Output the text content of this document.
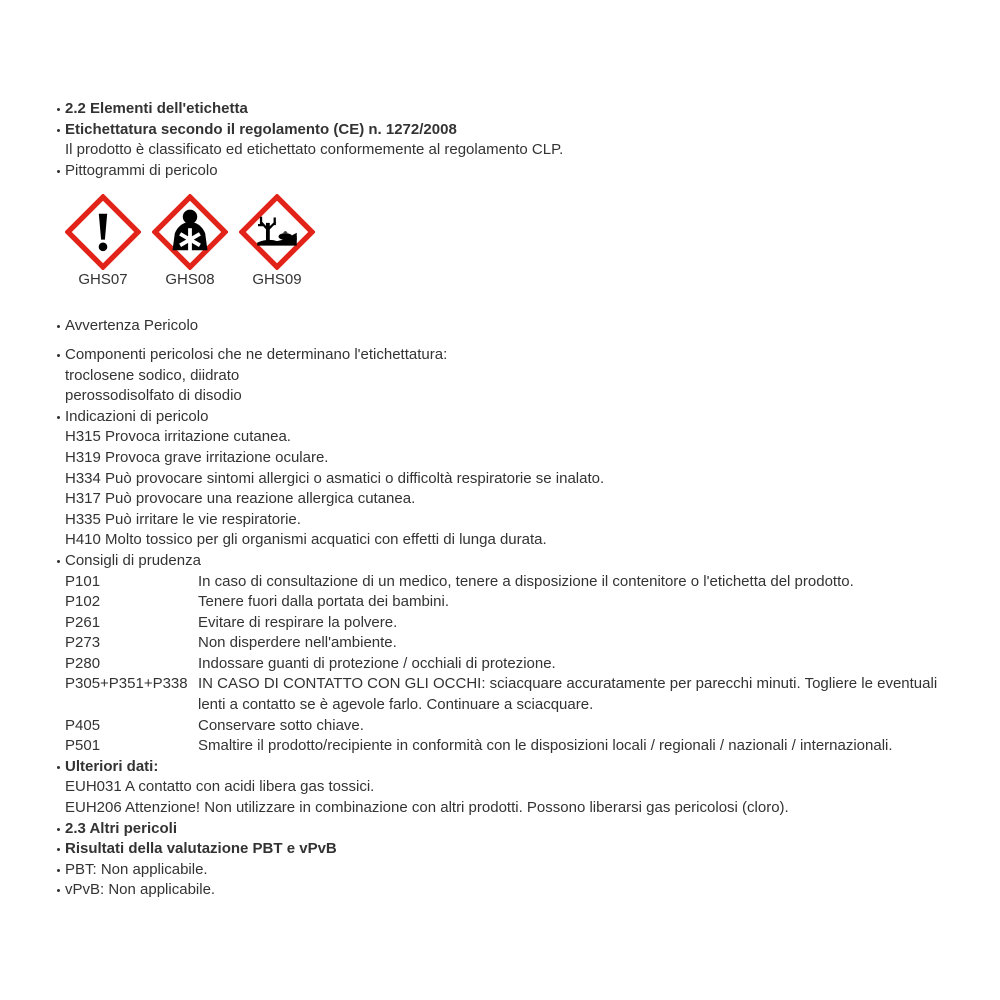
2.2 Elementi dell'etichetta
Etichettatura secondo il regolamento (CE) n. 1272/2008
Il prodotto è classificato ed etichettato conformemente al regolamento CLP.
Pittogrammi di pericolo
GHS07	GHS08	GHS09
Avvertenza Pericolo
Componenti pericolosi che ne determinano l'etichettatura:
troclosene sodico, diidrato
perossodisolfato di disodio
Indicazioni di pericolo
H315 Provoca irritazione cutanea.
H319 Provoca grave irritazione oculare.
H334 Può provocare sintomi allergici o asmatici o difficoltà respiratorie se inalato.
H317 Può provocare una reazione allergica cutanea.
H335 Può irritare le vie respiratorie.
H410 Molto tossico per gli organismi acquatici con effetti di lunga durata.
Consigli di prudenza
P101	In caso di consultazione di un medico, tenere a disposizione il contenitore o l'etichetta del prodotto.
P102	Tenere fuori dalla portata dei bambini.
P261	Evitare di respirare la polvere.
P273	Non disperdere nell'ambiente.
P280	Indossare guanti di protezione / occhiali di protezione.
P305+P351+P338 IN CASO DI CONTATTO CON GLI OCCHI: sciacquare accuratamente per parecchi minuti. Togliere le eventuali lenti a contatto se è agevole farlo. Continuare a sciacquare.
P405	Conservare sotto chiave.
P501	Smaltire il prodotto/recipiente in conformità con le disposizioni locali / regionali / nazionali / internazionali.
Ulteriori dati:
EUH031 A contatto con acidi libera gas tossici.
EUH206 Attenzione! Non utilizzare in combinazione con altri prodotti. Possono liberarsi gas pericolosi (cloro).
2.3 Altri pericoli
Risultati della valutazione PBT e vPvB
PBT: Non applicabile.
vPvB: Non applicabile.
